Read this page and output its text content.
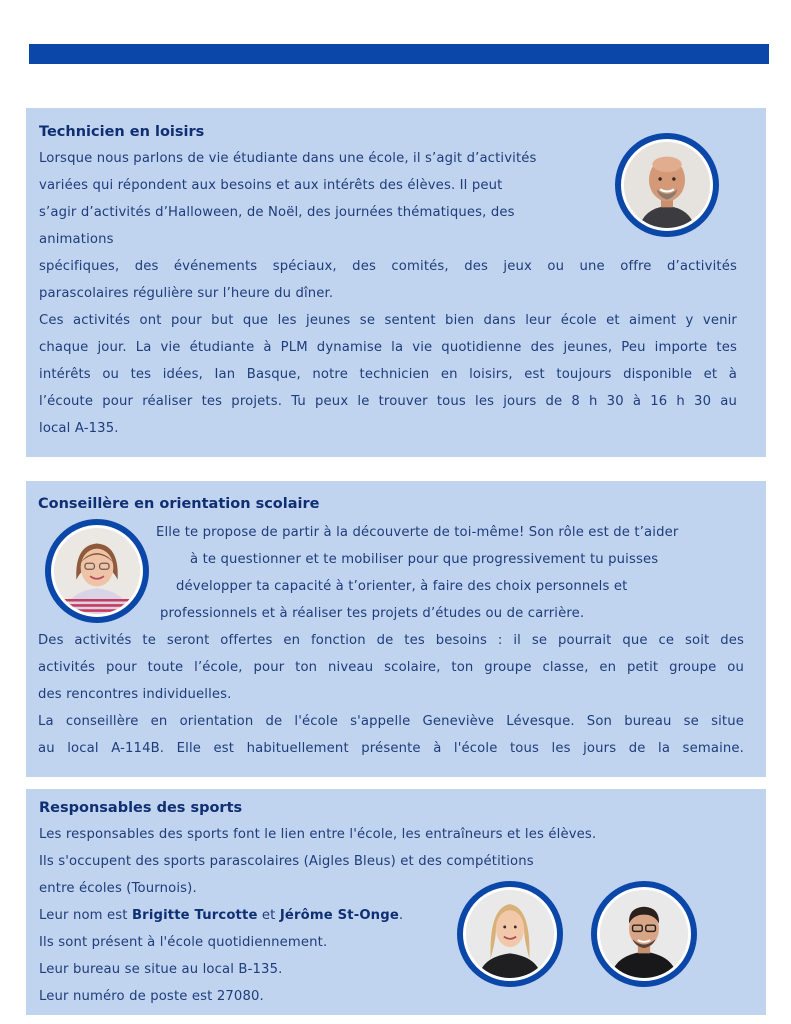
Technicien en loisirs
Lorsque nous parlons de vie étudiante dans une école, il s’agit d’activités
variées qui répondent aux besoins et aux intérêts des élèves. Il peut
s’agir d’activités d’Halloween, de Noël, des journées thématiques, des
animations
spécifiques, des événements spéciaux, des comités, des jeux ou une offre d’activités
parascolaires régulière sur l’heure du dîner.
Ces activités ont pour but que les jeunes se sentent bien dans leur école et aiment y venir
chaque jour. La vie étudiante à PLM dynamise la vie quotidienne des jeunes, Peu importe tes
intérêts ou tes idées, Ian Basque, notre technicien en loisirs, est toujours disponible et à
l’écoute pour réaliser tes projets. Tu peux le trouver tous les jours de 8 h 30 à 16 h 30 au
local A-135.
Conseillère en orientation scolaire
Elle te propose de partir à la découverte de toi-même! Son rôle est de t’aider
à te questionner et te mobiliser pour que progressivement tu puisses
développer ta capacité à t’orienter, à faire des choix personnels et
professionnels et à réaliser tes projets d’études ou de carrière.
Des activités te seront offertes en fonction de tes besoins : il se pourrait que ce soit des
activités pour toute l’école, pour ton niveau scolaire, ton groupe classe, en petit groupe ou
des rencontres individuelles.
La conseillère en orientation de l'école s'appelle Geneviève Lévesque. Son bureau se situe
au local A-114B. Elle est habituellement présente à l'école tous les jours de la semaine.
Responsables des sports
Les responsables des sports font le lien entre l'école, les entraîneurs et les élèves.
Ils s'occupent des sports parascolaires (Aigles Bleus) et des compétitions
entre écoles (Tournois).
Leur nom est Brigitte Turcotte et Jérôme St-Onge.
Ils sont présent à l'école quotidiennement.
Leur bureau se situe au local B-135.
Leur numéro de poste est 27080.
